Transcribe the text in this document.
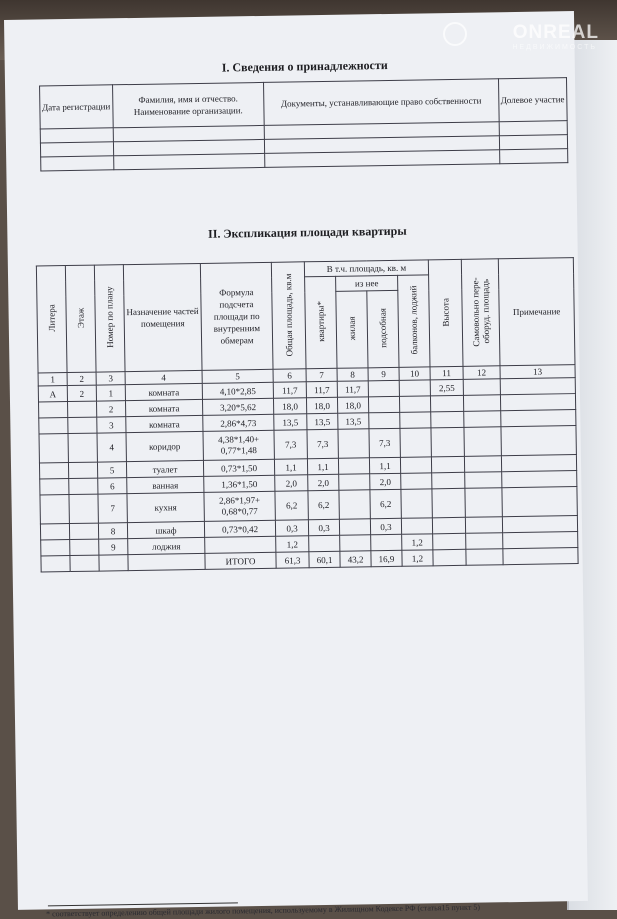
I. Сведения о принадлежности
Дата регистрации	Фамилия, имя и отчество. Наименование организации.	Документы, устанавливающие право собственности	Долевое участие

II. Экспликация площади квартиры
Литера	Этаж	Номер по плану	Назначение частей помещения	Формула подсчета площади по внутренним обмерам	Общая площадь, кв.м	В т.ч. площадь, кв. м				Высота	Самовольно пере-оборуд. площадь	Примечание
						квартиры*	из нее		балконов, лоджий			
							жилая	подсобная				
1	2	3	4	5	6	7	8	9	10	11	12	13
А	2	1	комната	4,10*2,85	11,7	11,7	11,7			2,55		
		2	комната	3,20*5,62	18,0	18,0	18,0					
		3	комната	2,86*4,73	13,5	13,5	13,5					
		4	коридор	4,38*1,40+ 0,77*1,48	7,3	7,3		7,3				
		5	туалет	0,73*1,50	1,1	1,1		1,1				
		6	ванная	1,36*1,50	2,0	2,0		2,0				
		7	кухня	2,86*1,97+ 0,68*0,77	6,2	6,2		6,2				
		8	шкаф	0,73*0,42	0,3	0,3		0,3				
		9	лоджия		1,2				1,2			
				ИТОГО	61,3	60,1	43,2	16,9	1,2			
* соответствует определению общей площади жилого помещения, используемому в Жилищном Кодексе РФ (статья15 пункт 5)
ONREAL
НЕДВИЖИМОСТЬ
